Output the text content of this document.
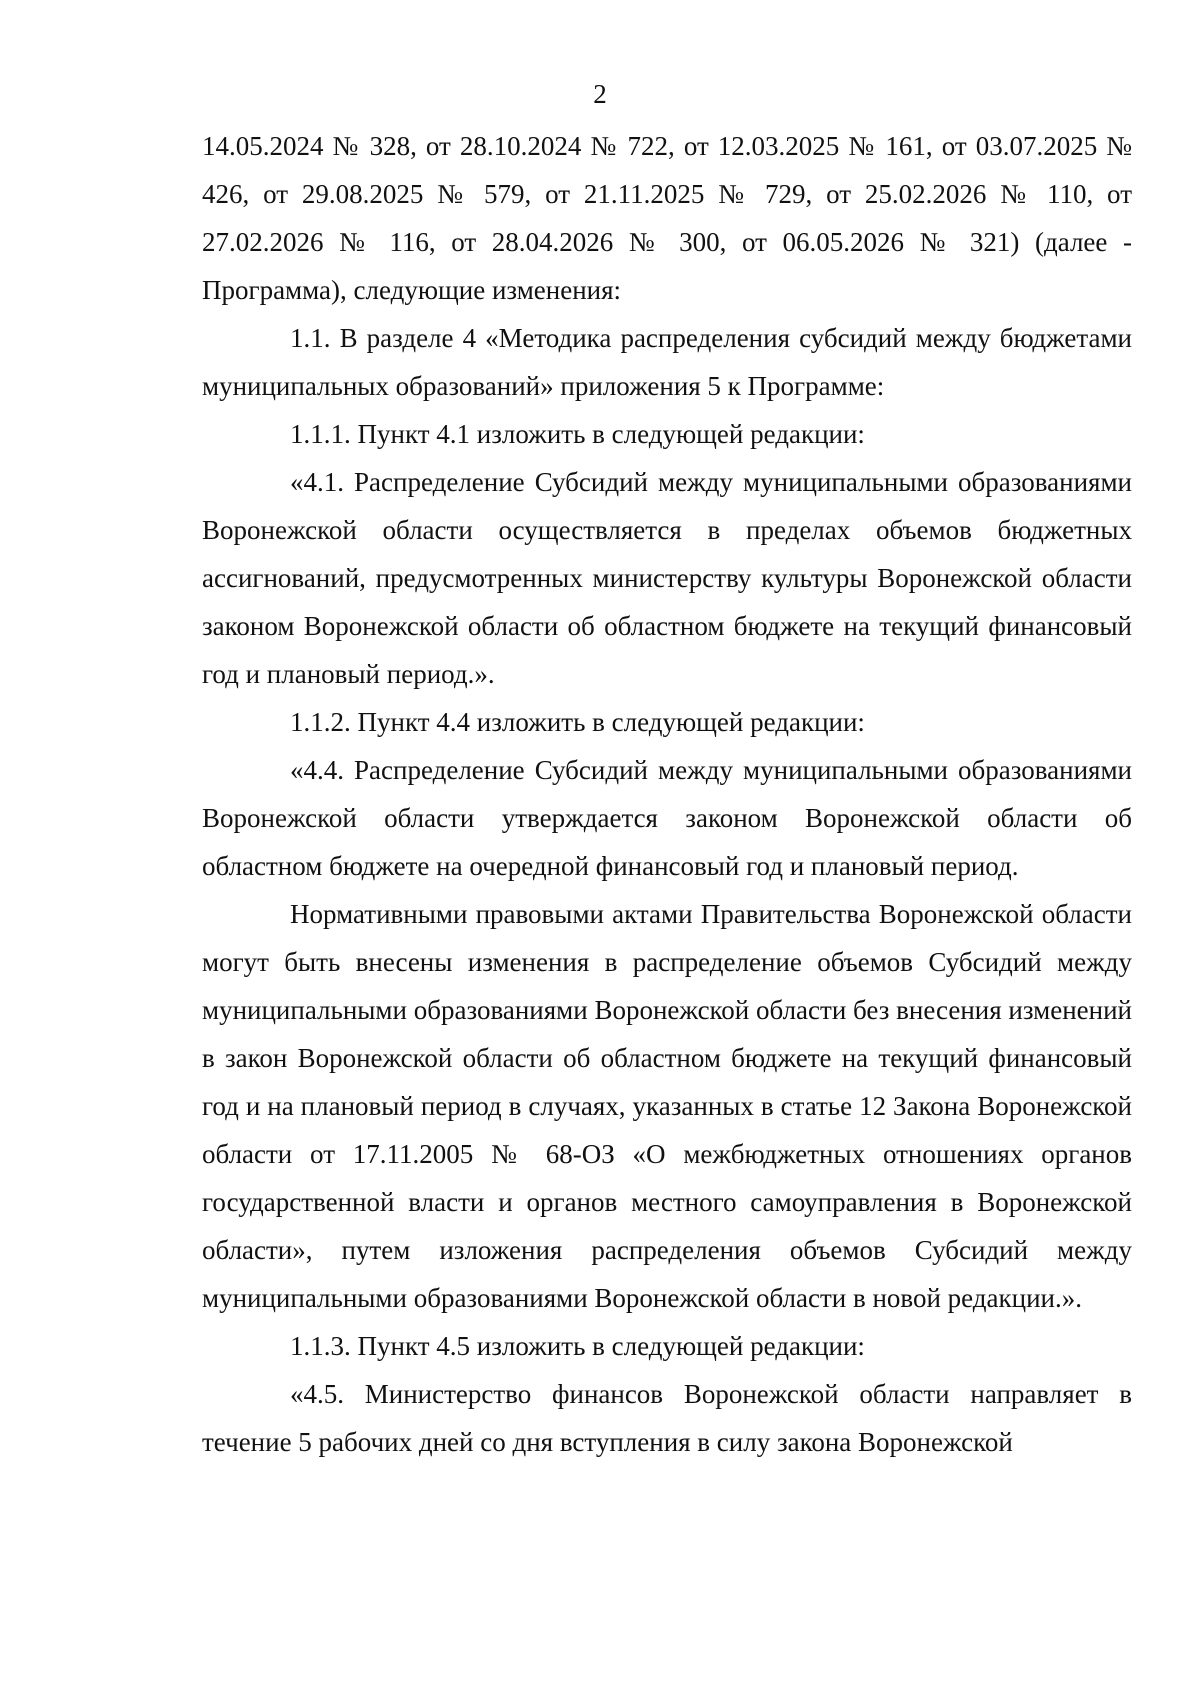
2

14.05.2024 № 328, от 28.10.2024 № 722, от 12.03.2025 № 161, от 03.07.2025 № 426, от 29.08.2025 № 579, от 21.11.2025 № 729, от 25.02.2026 № 110, от 27.02.2026 № 116, от 28.04.2026 № 300, от 06.05.2026 № 321) (далее - Программа), следующие изменения:

1.1. В разделе 4 «Методика распределения субсидий между бюджетами муниципальных образований» приложения 5 к Программе:

1.1.1. Пункт 4.1 изложить в следующей редакции:

«4.1. Распределение Субсидий между муниципальными образованиями Воронежской области осуществляется в пределах объемов бюджетных ассигнований, предусмотренных министерству культуры Воронежской области законом Воронежской области об областном бюджете на текущий финансовый год и плановый период.».

1.1.2. Пункт 4.4 изложить в следующей редакции:

«4.4. Распределение Субсидий между муниципальными образованиями Воронежской области утверждается законом Воронежской области об областном бюджете на очередной финансовый год и плановый период.

Нормативными правовыми актами Правительства Воронежской области могут быть внесены изменения в распределение объемов Субсидий между муниципальными образованиями Воронежской области без внесения изменений в закон Воронежской области об областном бюджете на текущий финансовый год и на плановый период в случаях, указанных в статье 12 Закона Воронежской области от 17.11.2005 № 68-ОЗ «О межбюджетных отношениях органов государственной власти и органов местного самоуправления в Воронежской области», путем изложения распределения объемов Субсидий между муниципальными образованиями Воронежской области в новой редакции.».

1.1.3. Пункт 4.5 изложить в следующей редакции:

«4.5. Министерство финансов Воронежской области направляет в течение 5 рабочих дней со дня вступления в силу закона Воронежской
